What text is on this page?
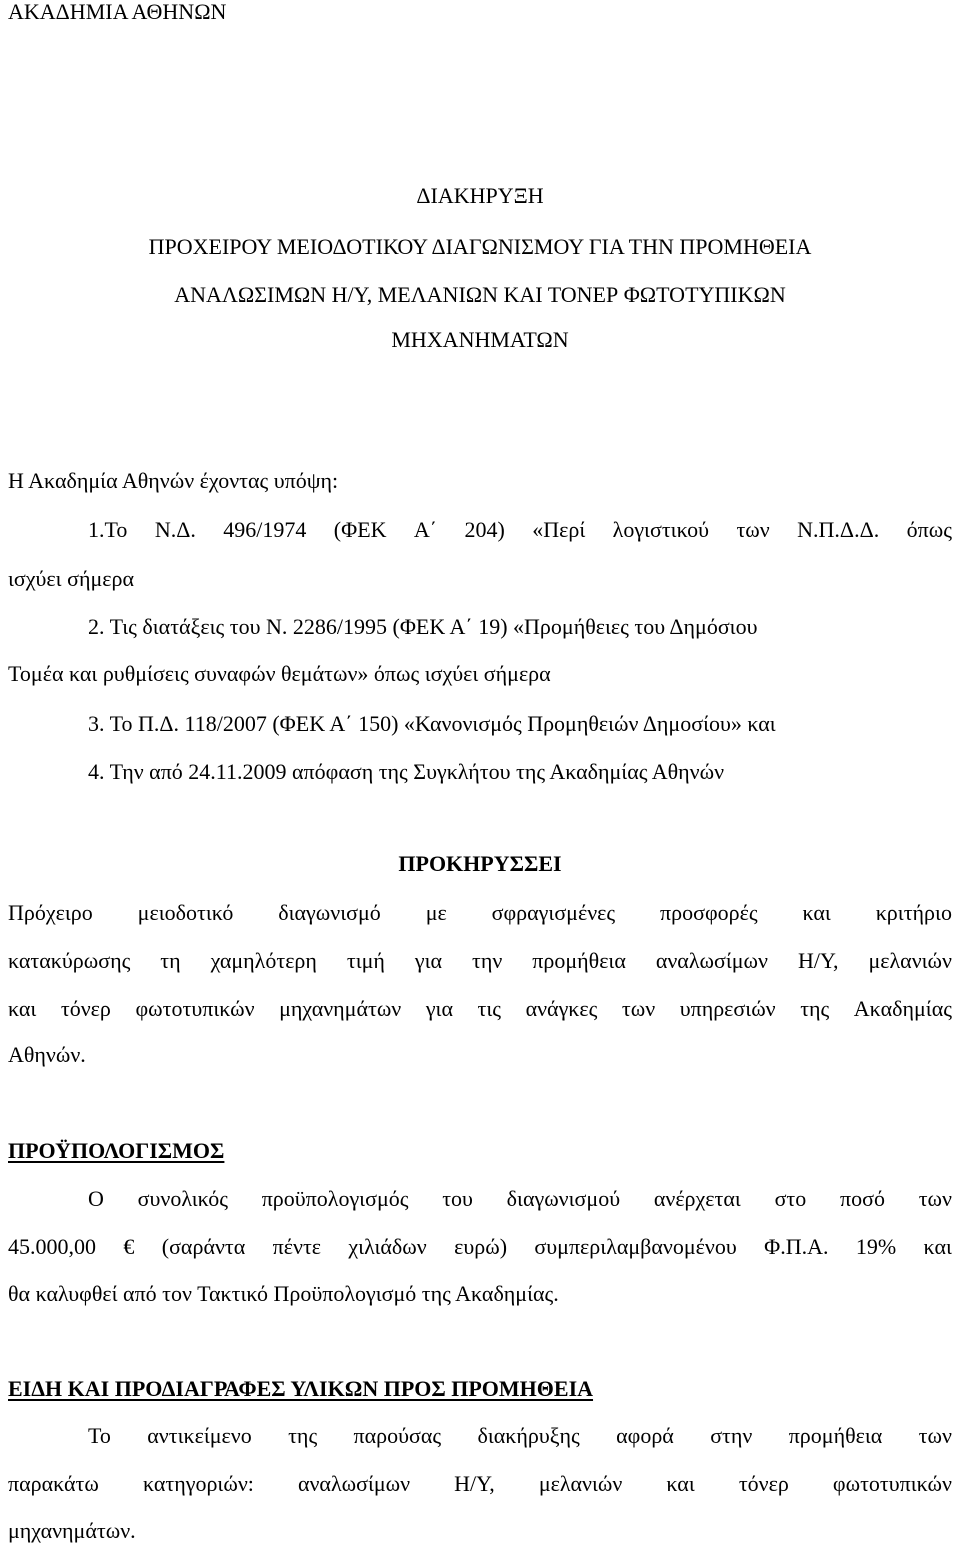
ΑΚΑΔΗΜΙΑ ΑΘΗΝΩΝ
ΔΙΑΚΗΡΥΞΗ
ΠΡΟΧΕΙΡΟΥ ΜΕΙΟΔΟΤΙΚΟΥ ΔΙΑΓΩΝΙΣΜΟΥ ΓΙΑ ΤΗΝ ΠΡΟΜΗΘΕΙΑ
ΑΝΑΛΩΣΙΜΩΝ Η/Υ, ΜΕΛΑΝΙΩΝ ΚΑΙ ΤΟΝΕΡ ΦΩΤΟΤΥΠΙΚΩΝ
ΜΗΧΑΝΗΜΑΤΩΝ
Η Ακαδημία Αθηνών έχοντας υπόψη:
1.Το Ν.Δ. 496/1974 (ΦΕΚ Α΄ 204) «Περί λογιστικού των Ν.Π.Δ.Δ. όπως
ισχύει σήμερα
2. Τις διατάξεις του Ν. 2286/1995 (ΦΕΚ Α΄ 19) «Προμήθειες του Δημόσιου
Τομέα και ρυθμίσεις συναφών θεμάτων» όπως ισχύει σήμερα
3. Το Π.Δ. 118/2007 (ΦΕΚ Α΄ 150) «Κανονισμός Προμηθειών Δημοσίου» και
4. Την από 24.11.2009 απόφαση της Συγκλήτου της Ακαδημίας Αθηνών
ΠΡΟΚΗΡΥΣΣΕΙ
Πρόχειρο μειοδοτικό διαγωνισμό με σφραγισμένες προσφορές και κριτήριο
κατακύρωσης τη χαμηλότερη τιμή για την προμήθεια αναλωσίμων Η/Υ, μελανιών
και τόνερ φωτοτυπικών μηχανημάτων για τις ανάγκες των υπηρεσιών της Ακαδημίας
Αθηνών.
ΠΡΟΫΠΟΛΟΓΙΣΜΟΣ
Ο συνολικός προϋπολογισμός του διαγωνισμού ανέρχεται στο ποσό των
45.000,00 € (σαράντα πέντε χιλιάδων ευρώ) συμπεριλαμβανομένου Φ.Π.Α. 19% και
θα καλυφθεί από τον Τακτικό Προϋπολογισμό της Ακαδημίας.
ΕΙΔΗ ΚΑΙ ΠΡΟΔΙΑΓΡΑΦΕΣ ΥΛΙΚΩΝ ΠΡΟΣ ΠΡΟΜΗΘΕΙΑ
Το αντικείμενο της παρούσας διακήρυξης αφορά στην προμήθεια των
παρακάτω κατηγοριών: αναλωσίμων Η/Υ, μελανιών και τόνερ φωτοτυπικών
μηχανημάτων.
